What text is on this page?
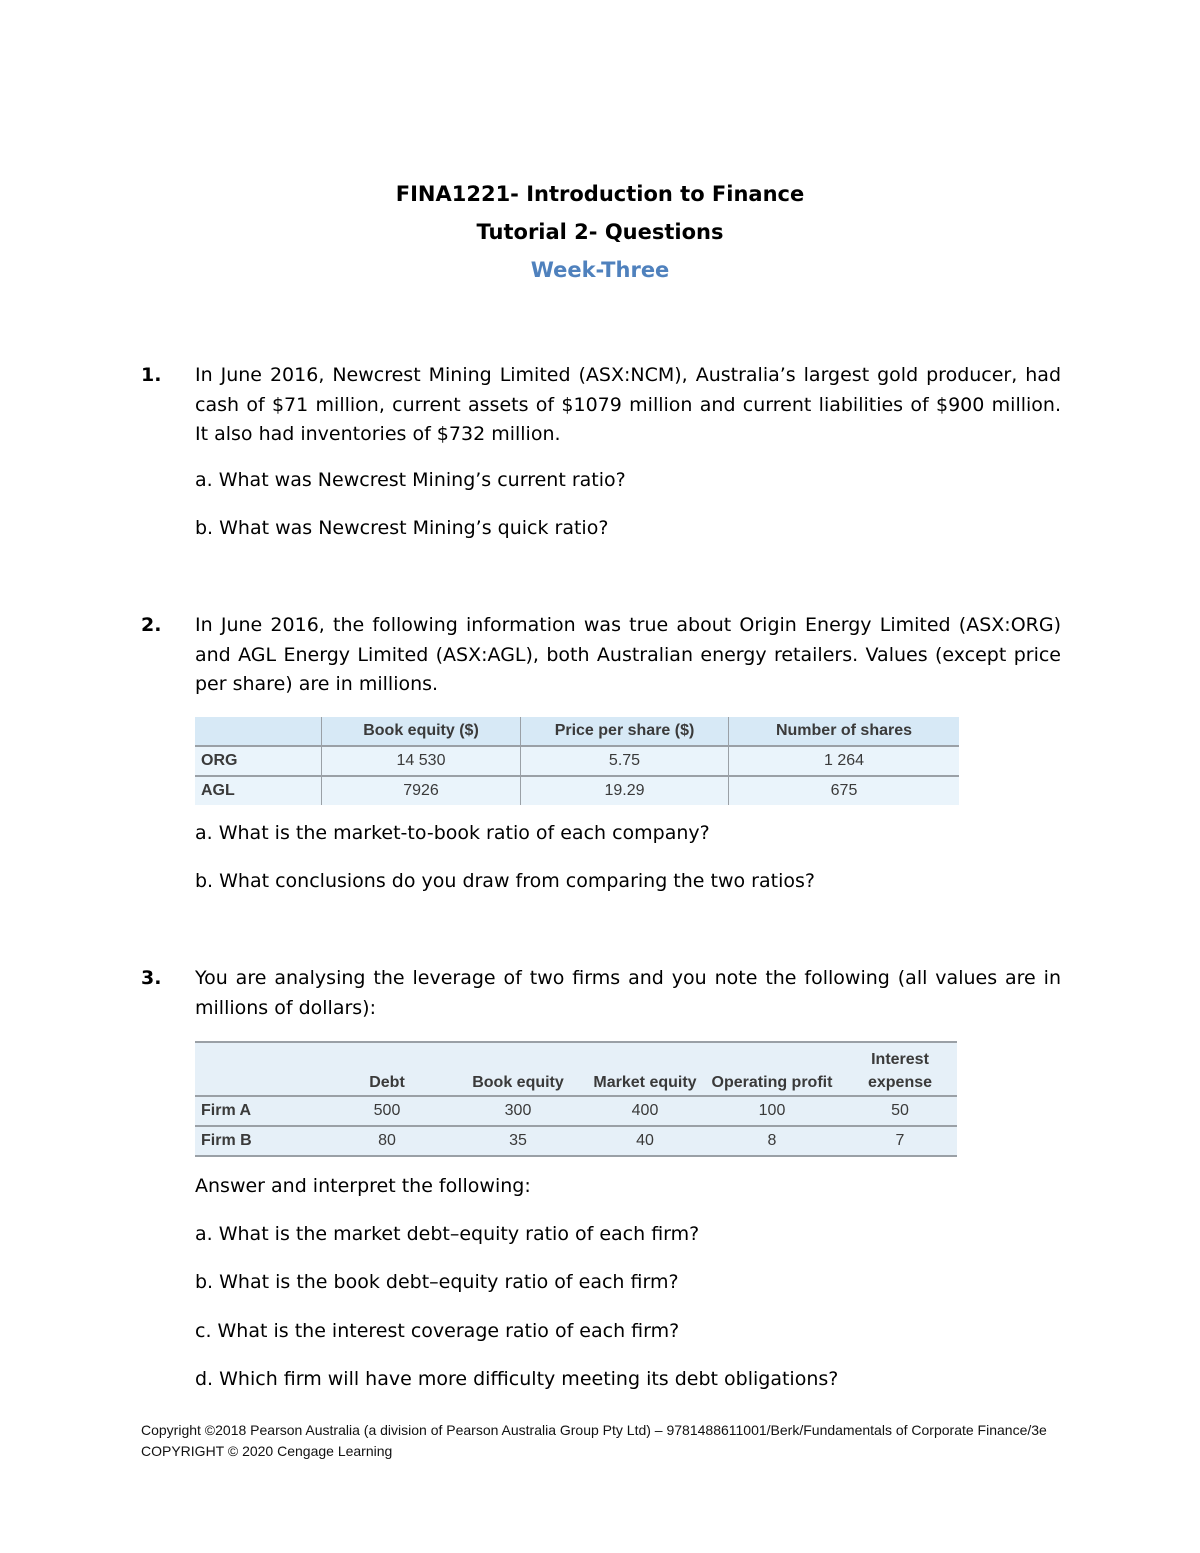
FINA1221- Introduction to Finance
Tutorial 2- Questions
Week-Three
1. In June 2016, Newcrest Mining Limited (ASX:NCM), Australia’s largest gold producer, had cash of $71 million, current assets of $1079 million and current liabilities of $900 million. It also had inventories of $732 million.
a. What was Newcrest Mining’s current ratio?
b. What was Newcrest Mining’s quick ratio?
2. In June 2016, the following information was true about Origin Energy Limited (ASX:ORG) and AGL Energy Limited (ASX:AGL), both Australian energy retailers. Values (except price per share) are in millions.
	Book equity ($)	Price per share ($)	Number of shares
ORG	14 530	5.75	1 264
AGL	7926	19.29	675
a. What is the market-to-book ratio of each company?
b. What conclusions do you draw from comparing the two ratios?
3. You are analysing the leverage of two firms and you note the following (all values are in millions of dollars):
	Debt	Book equity	Market equity	Operating profit	Interest expense
Firm A	500	300	400	100	50
Firm B	80	35	40	8	7
Answer and interpret the following:
a. What is the market debt–equity ratio of each firm?
b. What is the book debt–equity ratio of each firm?
c. What is the interest coverage ratio of each firm?
d. Which firm will have more difficulty meeting its debt obligations?
Copyright ©2018 Pearson Australia (a division of Pearson Australia Group Pty Ltd) – 9781488611001/Berk/Fundamentals of Corporate Finance/3e
COPYRIGHT © 2020 Cengage Learning
